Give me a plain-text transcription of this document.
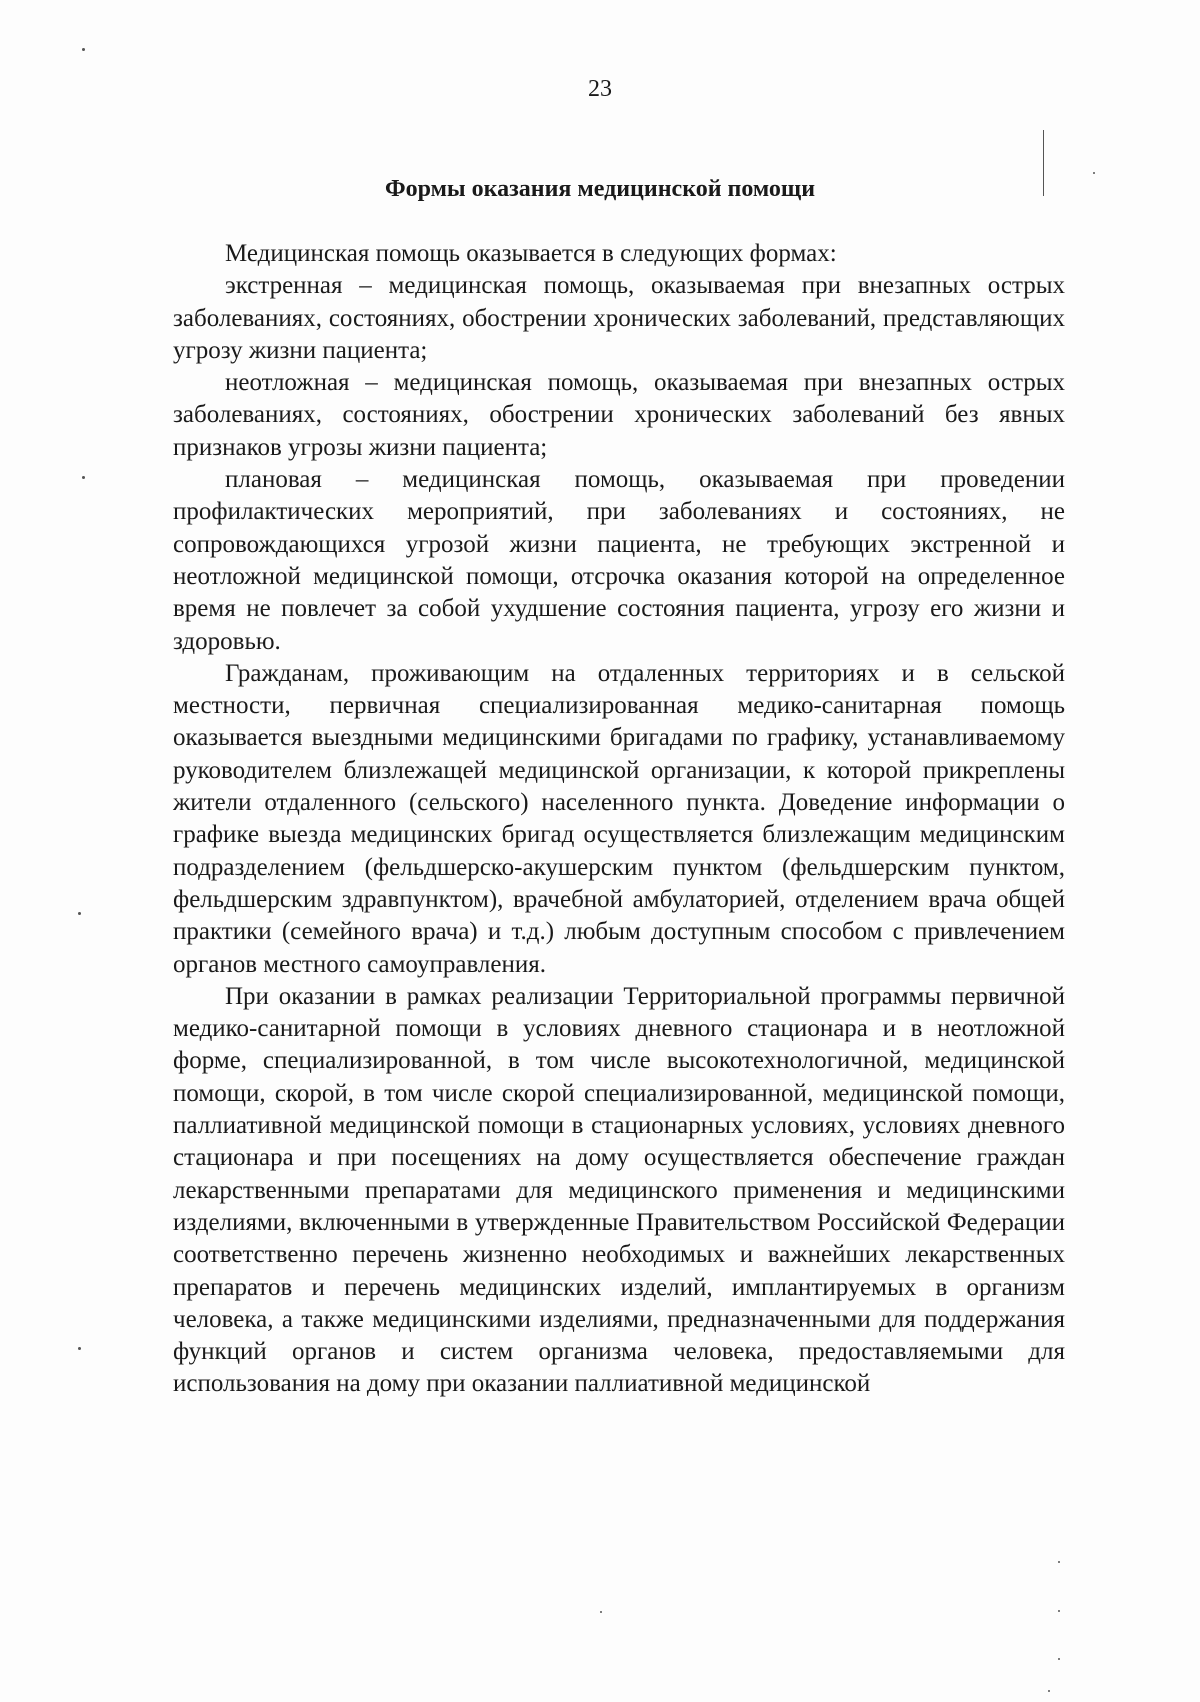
23
Формы оказания медицинской помощи

Медицинская помощь оказывается в следующих формах:

экстренная – медицинская помощь, оказываемая при внезапных острых заболеваниях, состояниях, обострении хронических заболеваний, представляющих угрозу жизни пациента;

неотложная – медицинская помощь, оказываемая при внезапных острых заболеваниях, состояниях, обострении хронических заболеваний без явных признаков угрозы жизни пациента;

плановая – медицинская помощь, оказываемая при проведении профилактических мероприятий, при заболеваниях и состояниях, не сопровождающихся угрозой жизни пациента, не требующих экстренной и неотложной медицинской помощи, отсрочка оказания которой на определенное время не повлечет за собой ухудшение состояния пациента, угрозу его жизни и здоровью.

Гражданам, проживающим на отдаленных территориях и в сельской местности, первичная специализированная медико-санитарная помощь оказывается выездными медицинскими бригадами по графику, устанавливаемому руководителем близлежащей медицинской организации, к которой прикреплены жители отдаленного (сельского) населенного пункта. Доведение информации о графике выезда медицинских бригад осуществляется близлежащим медицинским подразделением (фельдшерско-акушерским пунктом (фельдшерским пунктом, фельдшерским здравпунктом), врачебной амбулаторией, отделением врача общей практики (семейного врача) и т.д.) любым доступным способом с привлечением органов местного самоуправления.

При оказании в рамках реализации Территориальной программы первичной медико-санитарной помощи в условиях дневного стационара и в неотложной форме, специализированной, в том числе высокотехнологичной, медицинской помощи, скорой, в том числе скорой специализированной, медицинской помощи, паллиативной медицинской помощи в стационарных условиях, условиях дневного стационара и при посещениях на дому осуществляется обеспечение граждан лекарственными препаратами для медицинского применения и медицинскими изделиями, включенными в утвержденные Правительством Российской Федерации соответственно перечень жизненно необходимых и важнейших лекарственных препаратов и перечень медицинских изделий, имплантируемых в организм человека, а также медицинскими изделиями, предназначенными для поддержания функций органов и систем организма человека, предоставляемыми для использования на дому при оказании паллиативной медицинской
